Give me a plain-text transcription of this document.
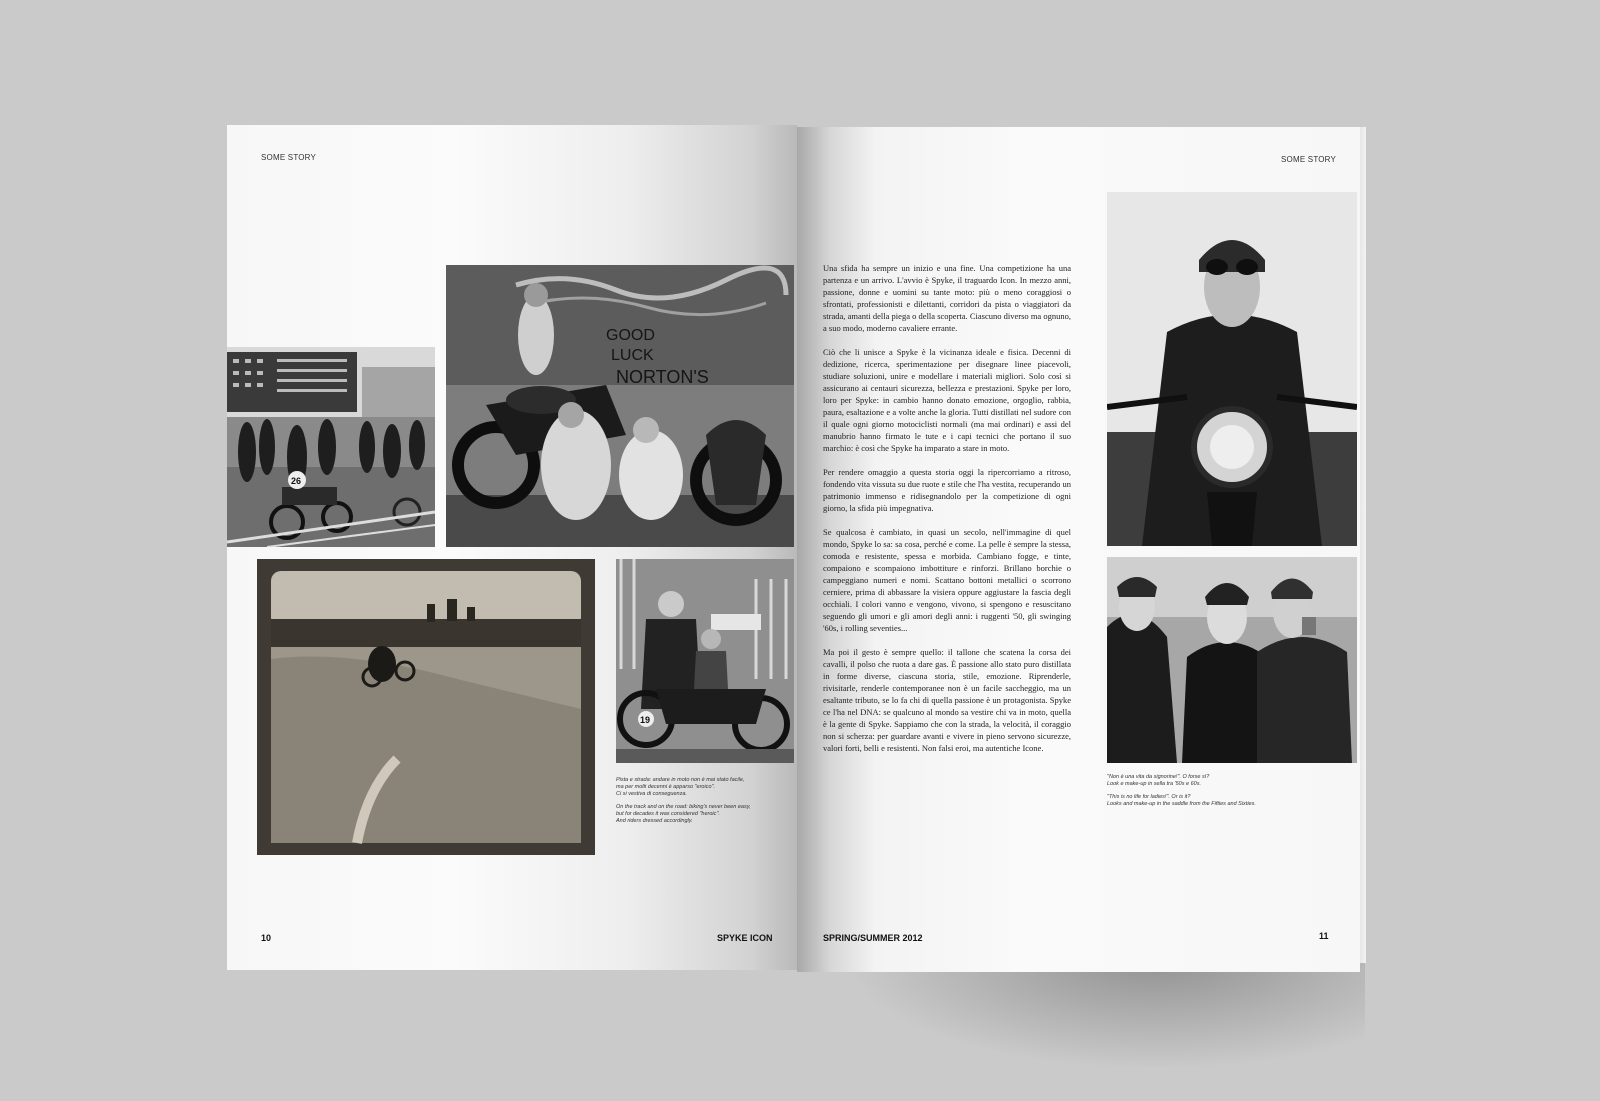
SOME STORY
26
GOOD
LUCK
NORTON'S
19

Pista e strada: andare in moto non è mai stato facile,
ma per molti decenni è apparso "eroico".
Ci si vestiva di conseguenza.

On the track and on the road: biking's never been easy,
but for decades it was considered "heroic".
And riders dressed accordingly.

10	SPYKE ICON
SOME STORY

Una sfida ha sempre un inizio e una fine. Una competizione ha una partenza e un arrivo. L'avvio è Spyke, il traguardo Icon. In mezzo anni, passione, donne e uomini su tante moto: più o meno coraggiosi o sfrontati, professionisti e dilettanti, corridori da pista o viaggiatori da strada, amanti della piega o della scoperta. Ciascuno diverso ma ognuno, a suo modo, moderno cavaliere errante.

Ciò che li unisce a Spyke è la vicinanza ideale e fisica. Decenni di dedizione, ricerca, sperimentazione per disegnare linee piacevoli, studiare soluzioni, unire e modellare i materiali migliori. Solo così si assicurano ai centauri sicurezza, bellezza e prestazioni. Spyke per loro, loro per Spyke: in cambio hanno donato emozione, orgoglio, rabbia, paura, esaltazione e a volte anche la gloria. Tutti distillati nel sudore con il quale ogni giorno motociclisti normali (ma mai ordinari) e assi del manubrio hanno firmato le tute e i capi tecnici che portano il suo marchio: è così che Spyke ha imparato a stare in moto.

Per rendere omaggio a questa storia oggi la ripercorriamo a ritroso, fondendo vita vissuta su due ruote e stile che l'ha vestita, recuperando un patrimonio immenso e ridisegnandolo per la competizione di ogni giorno, la sfida più impegnativa.

Se qualcosa è cambiato, in quasi un secolo, nell'immagine di quel mondo, Spyke lo sa: sa cosa, perché e come. La pelle è sempre la stessa, comoda e resistente, spessa e morbida. Cambiano fogge, e tinte, compaiono e scompaiono imbottiture e rinforzi. Brillano borchie o campeggiano numeri e nomi. Scattano bottoni metallici o scorrono cerniere, prima di abbassare la visiera oppure aggiustare la fascia degli occhiali. I colori vanno e vengono, vivono, si spengono e resuscitano seguendo gli umori e gli amori degli anni: i ruggenti '50, gli swinging '60s, i rolling seventies...

Ma poi il gesto è sempre quello: il tallone che scatena la corsa dei cavalli, il polso che ruota a dare gas. È passione allo stato puro distillata in forme diverse, ciascuna storia, stile, emozione. Riprenderle, rivisitarle, renderle contemporanee non è un facile saccheggio, ma un esaltante tributo, se lo fa chi di quella passione è un protagonista. Spyke ce l'ha nel DNA: se qualcuno al mondo sa vestire chi va in moto, quella è la gente di Spyke. Sappiamo che con la strada, la velocità, il coraggio non si scherza: per guardare avanti e vivere in pieno servono sicurezze, valori forti, belli e resistenti. Non falsi eroi, ma autentiche Icone.

"Non è una vita da signorine!". O forse sì?
Look e make-up in sella tra '50s e 60s.

"This is no life for ladies!". Or is it?
Looks and make-up in the saddle from the Fifties and Sixties.

SPRING/SUMMER 2012	11
